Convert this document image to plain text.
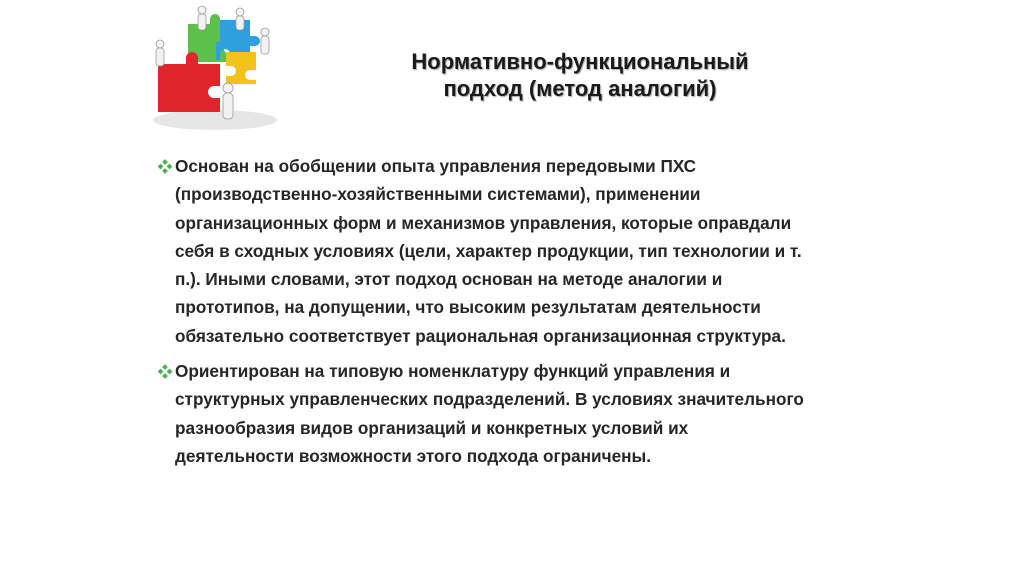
Нормативно-функциональный
подход (метод аналогий)
Основан на обобщении опыта управления передовыми ПХС
(производственно-хозяйственными системами), применении
организационных форм и механизмов управления, которые оправдали
себя в сходных условиях (цели, характер продукции, тип технологии и т.
п.). Иными словами, этот подход основан на методе аналогии и
прототипов, на допущении, что высоким результатам деятельности
обязательно соответствует рациональная организационная структура.
Ориентирован на типовую номенклатуру функций управления и
структурных управленческих подразделений. В условиях значительного
разнообразия видов организаций и конкретных условий их
деятельности возможности этого подхода ограничены.
